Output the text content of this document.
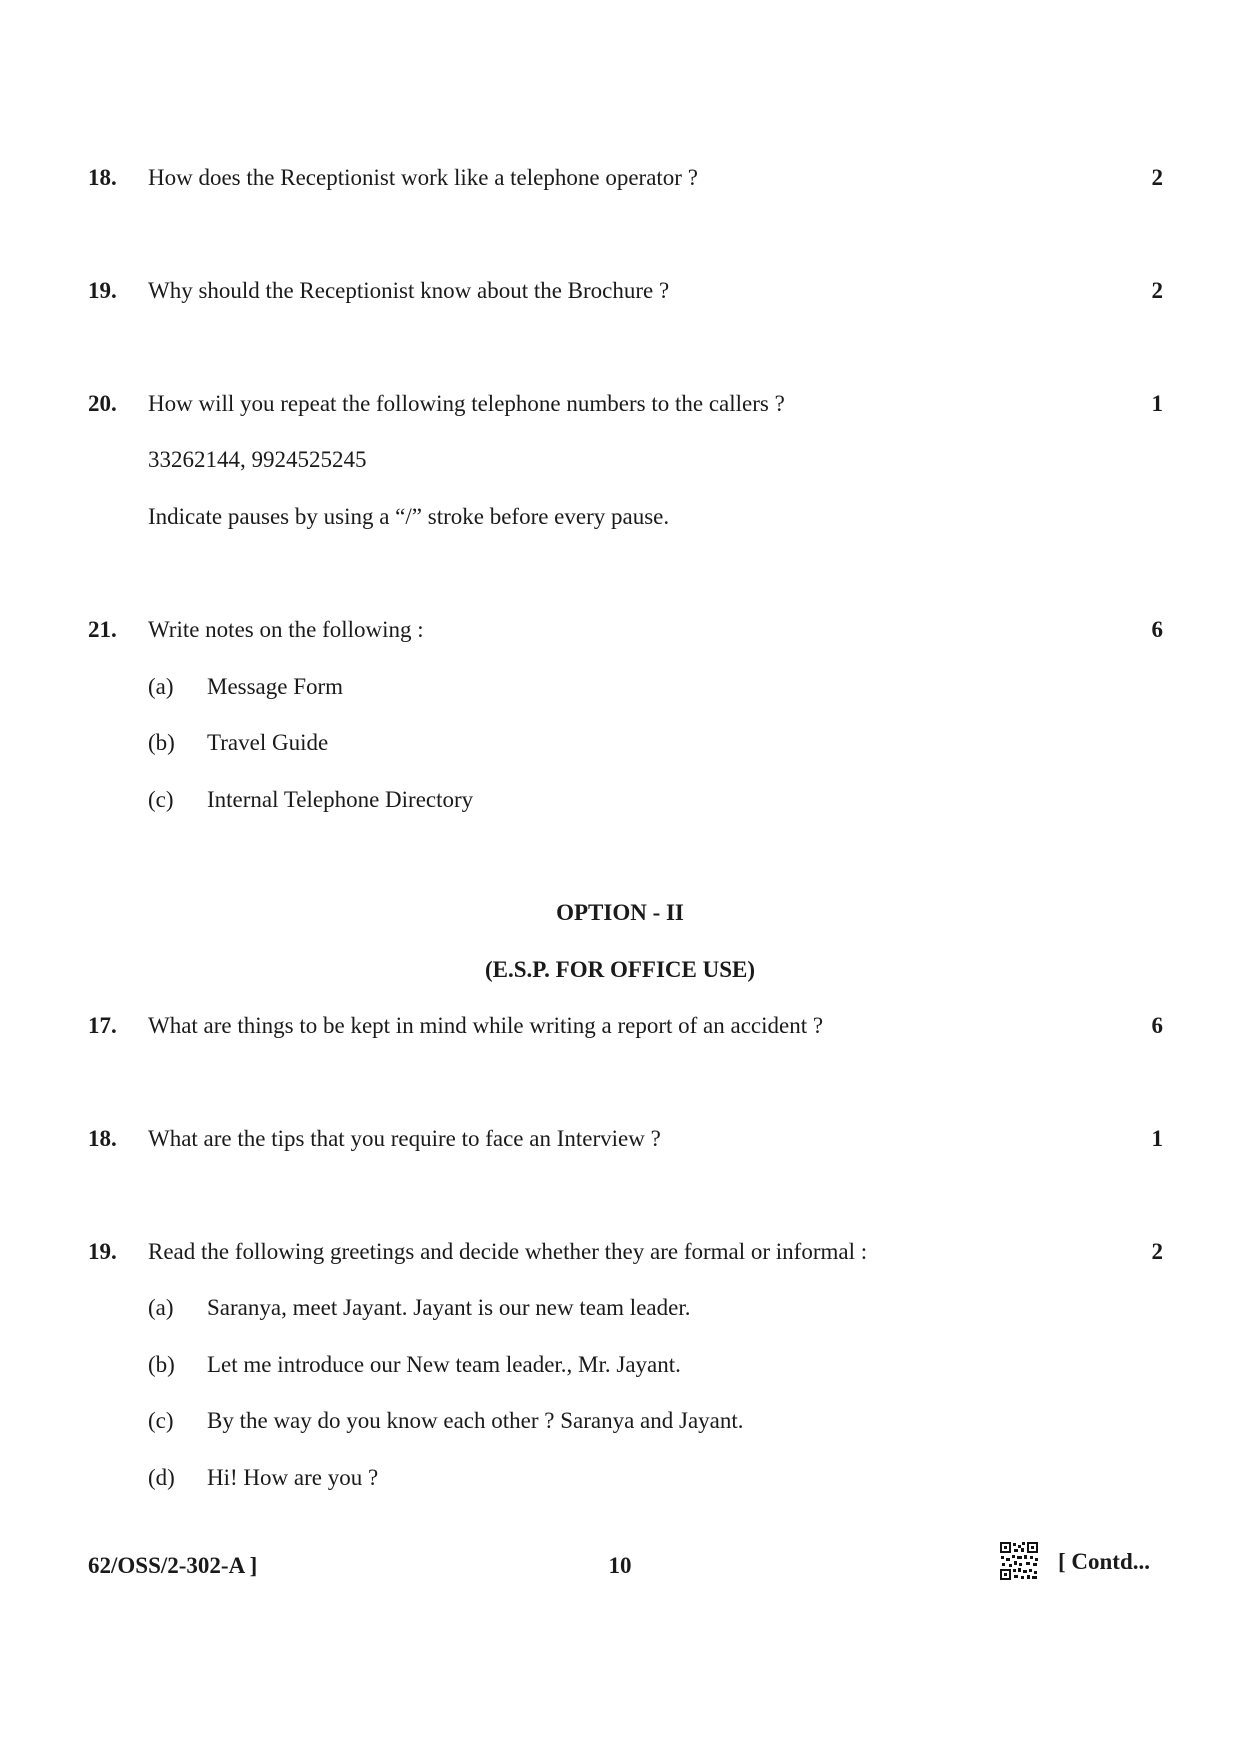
18. How does the Receptionist work like a telephone operator ?	2
19. Why should the Receptionist know about the Brochure ?	2
20. How will you repeat the following telephone numbers to the callers ?	1
33262144, 9924525245
Indicate pauses by using a “/” stroke before every pause.
21. Write notes on the following :	6
(a) Message Form
(b) Travel Guide
(c) Internal Telephone Directory
OPTION - II
(E.S.P. FOR OFFICE USE)
17. What are things to be kept in mind while writing a report of an accident ?	6
18. What are the tips that you require to face an Interview ?	1
19. Read the following greetings and decide whether they are formal or informal :	2
(a) Saranya, meet Jayant. Jayant is our new team leader.
(b) Let me introduce our New team leader., Mr. Jayant.
(c) By the way do you know each other ? Saranya and Jayant.
(d) Hi! How are you ?
62/OSS/2-302-A ]	10	[ Contd...
